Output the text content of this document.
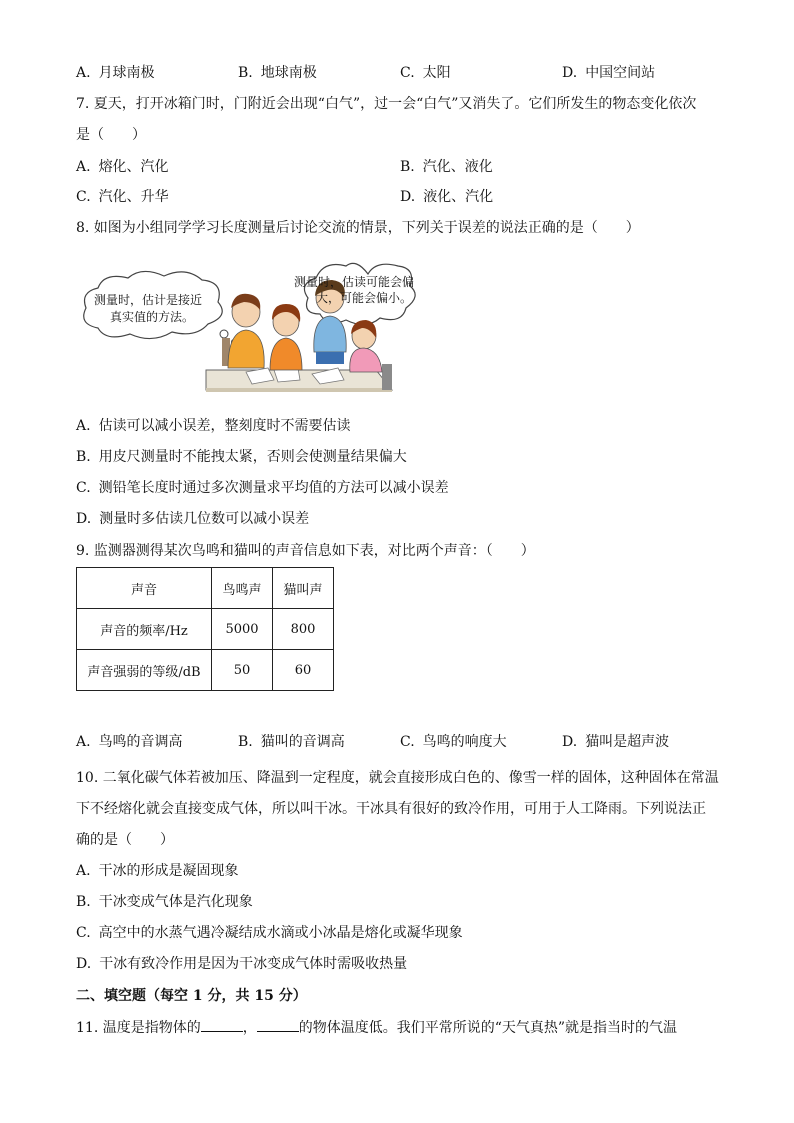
A. 月球南极	B. 地球南极	C. 太阳	D. 中国空间站
7. 夏天，打开冰箱门时，门附近会出现“白气”，过一会“白气”又消失了。它们所发生的物态变化依次
是（　　）
A. 熔化、汽化	B. 汽化、液化
C. 汽化、升华	D. 液化、汽化
8. 如图为小组同学学习长度测量后讨论交流的情景，下列关于误差的说法正确的是（　　）
测量时，估计是接近
真实值的方法。
测量时，估读可能会偏
大，可能会偏小。
A. 估读可以减小误差，整刻度时不需要估读
B. 用皮尺测量时不能拽太紧，否则会使测量结果偏大
C. 测铅笔长度时通过多次测量求平均值的方法可以减小误差
D. 测量时多估读几位数可以减小误差
9. 监测器测得某次鸟鸣和猫叫的声音信息如下表，对比两个声音：（　　）
声音	鸟鸣声	猫叫声
声音的频率/Hz	5000	800
声音强弱的等级/dB	50	60
A. 鸟鸣的音调高	B. 猫叫的音调高	C. 鸟鸣的响度大	D. 猫叫是超声波
10. 二氧化碳气体若被加压、降温到一定程度，就会直接形成白色的、像雪一样的固体，这种固体在常温
下不经熔化就会直接变成气体，所以叫干冰。干冰具有很好的致冷作用，可用于人工降雨。下列说法正
确的是（　　）
A. 干冰的形成是凝固现象
B. 干冰变成气体是汽化现象
C. 高空中的水蒸气遇冷凝结成水滴或小冰晶是熔化或凝华现象
D. 干冰有致冷作用是因为干冰变成气体时需吸收热量
二、填空题（每空 1 分，共 15 分）
11. 温度是指物体的	，	的物体温度低。我们平常所说的“天气真热”就是指当时的气温
